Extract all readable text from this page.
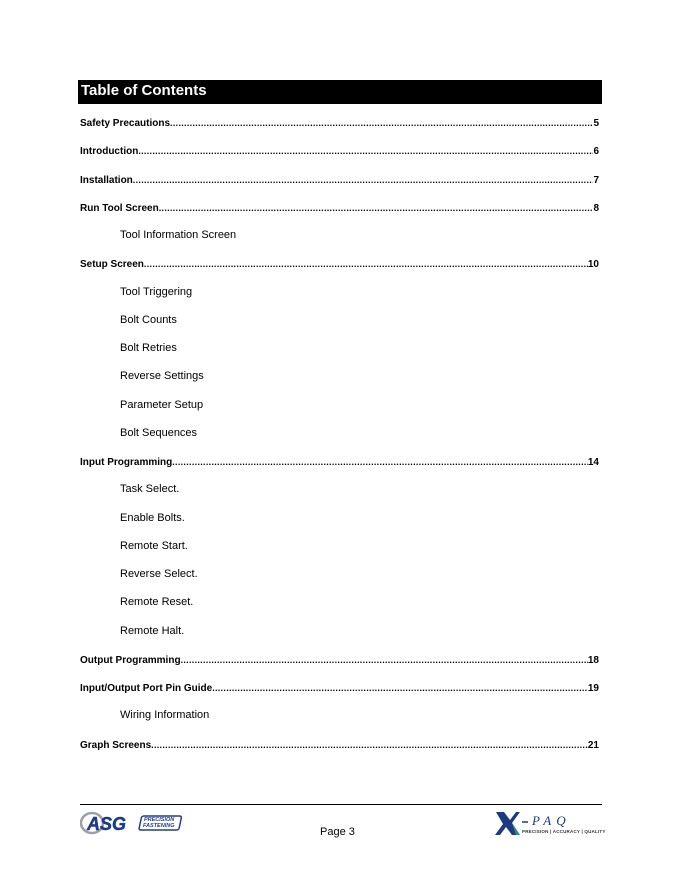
Table of Contents
Safety Precautions .....	5
Introduction .....	6
Installation .....	7
Run Tool Screen .....	8
Tool Information Screen
Setup Screen .....	10
Tool Triggering
Bolt Counts
Bolt Retries
Reverse Settings
Parameter Setup
Bolt Sequences
Input Programming .....	14
Task Select.
Enable Bolts.
Remote Start.
Reverse Select.
Remote Reset.
Remote Halt.
Output Programming .....	18
Input/Output Port Pin Guide .....	19
Wiring Information
Graph Screens .....	21
ASG	PRECISION
FASTENING	Page 3
PAQ
PRECISION | ACCURACY | QUALITY
